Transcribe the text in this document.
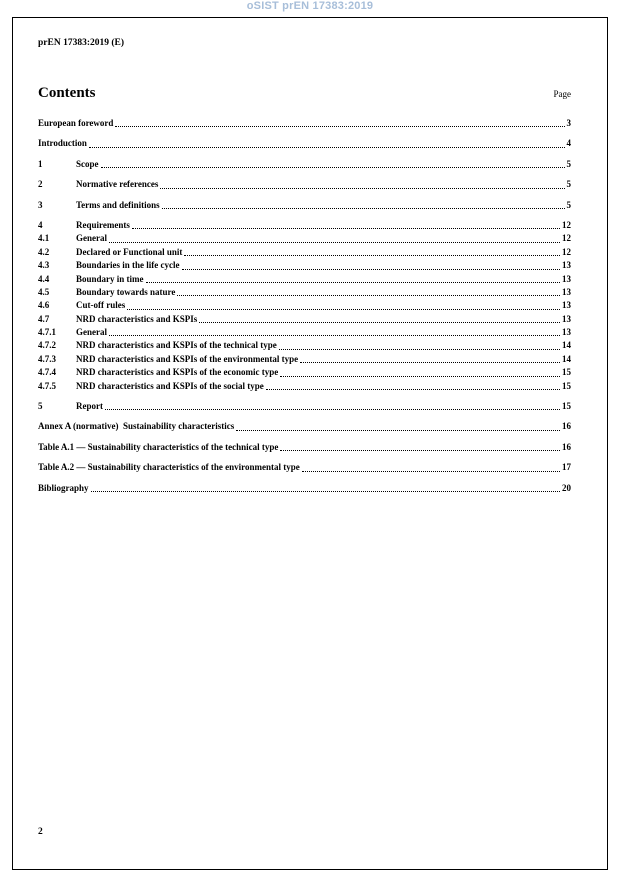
oSIST prEN 17383:2019
prEN 17383:2019 (E)
Contents	Page
European foreword	3
Introduction	4
1	Scope	5
2	Normative references	5
3	Terms and definitions	5
4	Requirements	12
4.1	General	12
4.2	Declared or Functional unit	12
4.3	Boundaries in the life cycle	13
4.4	Boundary in time	13
4.5	Boundary towards nature	13
4.6	Cut-off rules	13
4.7	NRD characteristics and KSPIs	13
4.7.1	General	13
4.7.2	NRD characteristics and KSPIs of the technical type	14
4.7.3	NRD characteristics and KSPIs of the environmental type	14
4.7.4	NRD characteristics and KSPIs of the economic type	15
4.7.5	NRD characteristics and KSPIs of the social type	15
5	Report	15
Annex A (normative)  Sustainability characteristics	16
Table A.1 — Sustainability characteristics of the technical type	16
Table A.2 — Sustainability characteristics of the environmental type	17
Bibliography	20
2
